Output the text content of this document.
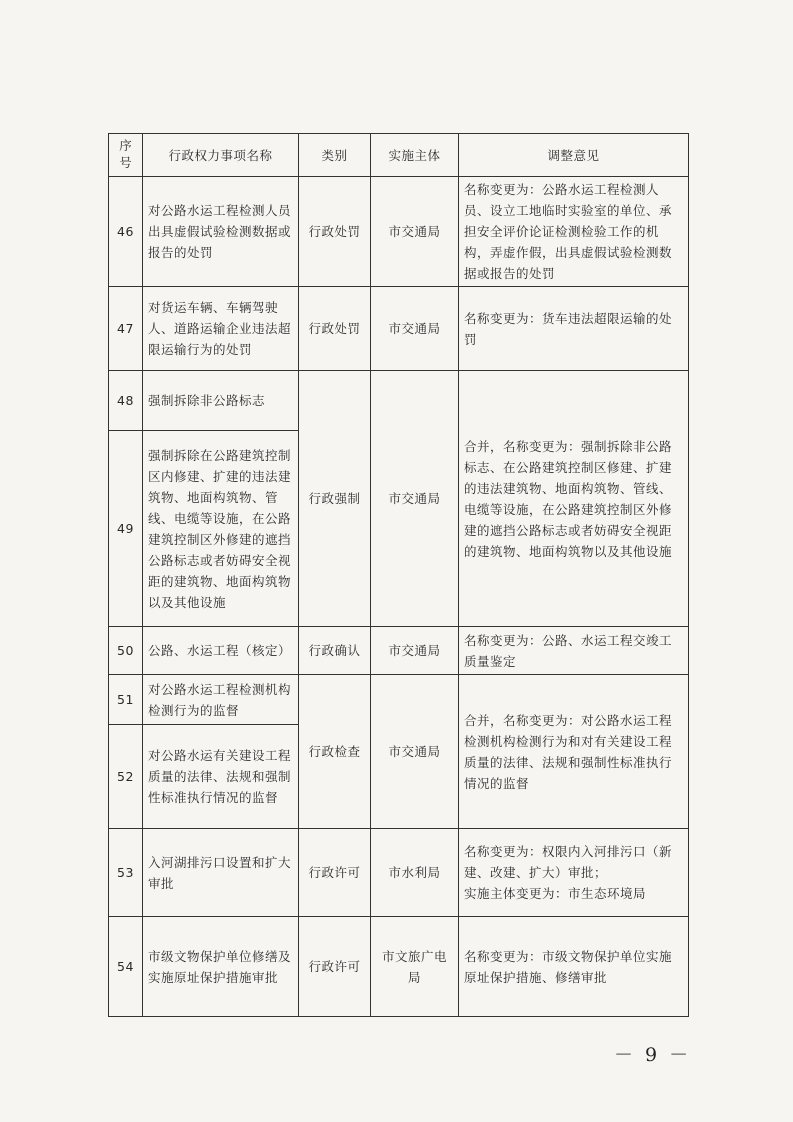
序号	行政权力事项名称	类别	实施主体	调整意见
46	对公路水运工程检测人员出具虚假试验检测数据或报告的处罚	行政处罚	市交通局	名称变更为：公路水运工程检测人员、设立工地临时实验室的单位、承担安全评价论证检测检验工作的机构，弄虚作假，出具虚假试验检测数据或报告的处罚
47	对货运车辆、车辆驾驶人、道路运输企业违法超限运输行为的处罚	行政处罚	市交通局	名称变更为：货车违法超限运输的处罚
48	强制拆除非公路标志	行政强制	市交通局	合并，名称变更为：强制拆除非公路标志、在公路建筑控制区修建、扩建的违法建筑物、地面构筑物、管线、电缆等设施，在公路建筑控制区外修建的遮挡公路标志或者妨碍安全视距的建筑物、地面构筑物以及其他设施
49	强制拆除在公路建筑控制区内修建、扩建的违法建筑物、地面构筑物、管线、电缆等设施，在公路建筑控制区外修建的遮挡公路标志或者妨碍安全视距的建筑物、地面构筑物以及其他设施			
50	公路、水运工程（核定）	行政确认	市交通局	名称变更为：公路、水运工程交竣工质量鉴定
51	对公路水运工程检测机构检测行为的监督	行政检查	市交通局	合并，名称变更为：对公路水运工程检测机构检测行为和对有关建设工程质量的法律、法规和强制性标准执行情况的监督
52	对公路水运有关建设工程质量的法律、法规和强制性标准执行情况的监督			
53	入河湖排污口设置和扩大审批	行政许可	市水利局	名称变更为：权限内入河排污口（新建、改建、扩大）审批；
实施主体变更为：市生态环境局
54	市级文物保护单位修缮及实施原址保护措施审批	行政许可	市文旅广电局	名称变更为：市级文物保护单位实施原址保护措施、修缮审批
－ 9 －
